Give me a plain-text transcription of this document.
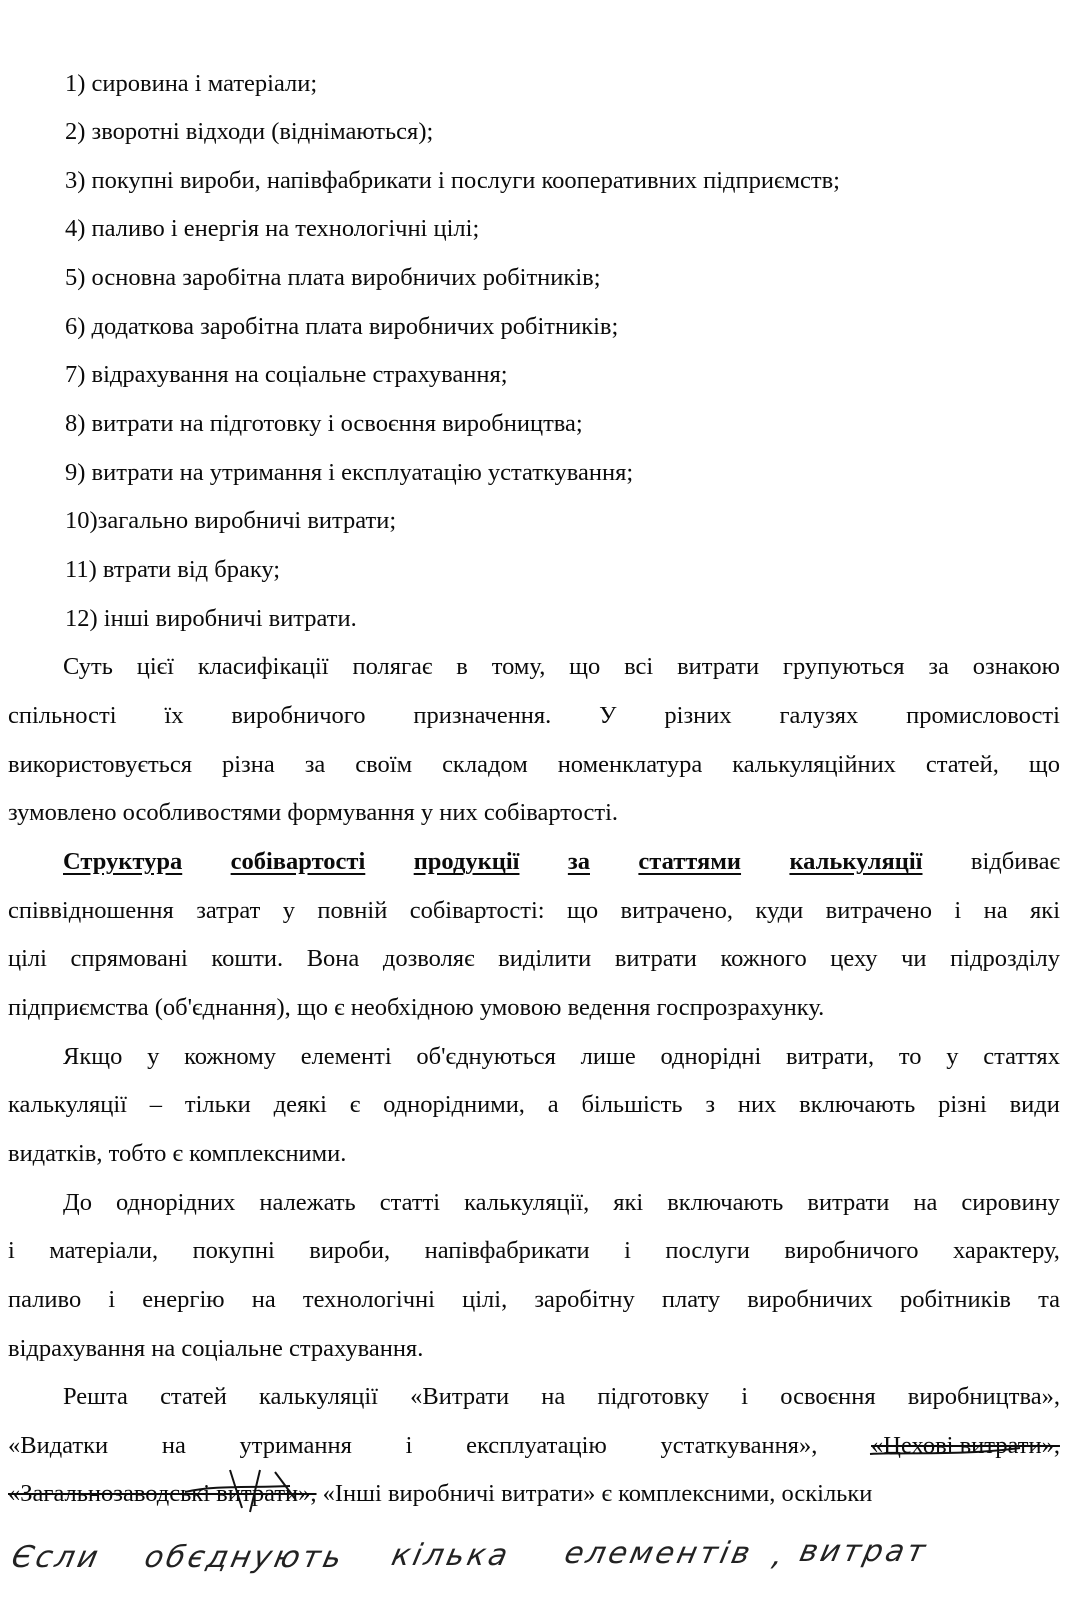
1) сировина і матеріали;
2) зворотні відходи (віднімаються);
3) покупні вироби, напівфабрикати і послуги кооперативних підприємств;
4) паливо і енергія на технологічні цілі;
5) основна заробітна плата виробничих робітників;
6) додаткова заробітна плата виробничих робітників;
7) відрахування на соціальне страхування;
8) витрати на підготовку і освоєння виробництва;
9) витрати на утримання і експлуатацію устаткування;
10)загально виробничі витрати;
11) втрати від браку;
12) інші виробничі витрати.
Суть цієї класифікації полягає в тому, що всі витрати групуються за ознакою
спільності їх виробничого призначення. У різних галузях промисловості
використовується різна за своїм складом номенклатура калькуляційних статей, що
зумовлено особливостями формування у них собівартості.
Структура собівартості продукції за статтями калькуляції відбиває
співвідношення затрат у повній собівартості: що витрачено, куди витрачено і на які
цілі спрямовані кошти. Вона дозволяє виділити витрати кожного цеху чи підрозділу
підприємства (об'єднання), що є необхідною умовою ведення госпрозрахунку.
Якщо у кожному елементі об'єднуються лише однорідні витрати, то у статтях
калькуляції – тільки деякі є однорідними, а більшість з них включають різні види
видатків, тобто є комплексними.
До однорідних належать статті калькуляції, які включають витрати на сировину
і матеріали, покупні вироби, напівфабрикати і послуги виробничого характеру,
паливо і енергію на технологічні цілі, заробітну плату виробничих робітників та
відрахування на соціальне страхування.
Решта статей калькуляції «Витрати на підготовку і освоєння виробництва»,
«Видатки на утримання і експлуатацію устаткування», «Цехові витрати»,
«Загальнозаводські витрати», «Інші виробничі витрати» є комплексними, оскільки
Єсли обєднують кілька елементів , витрат
